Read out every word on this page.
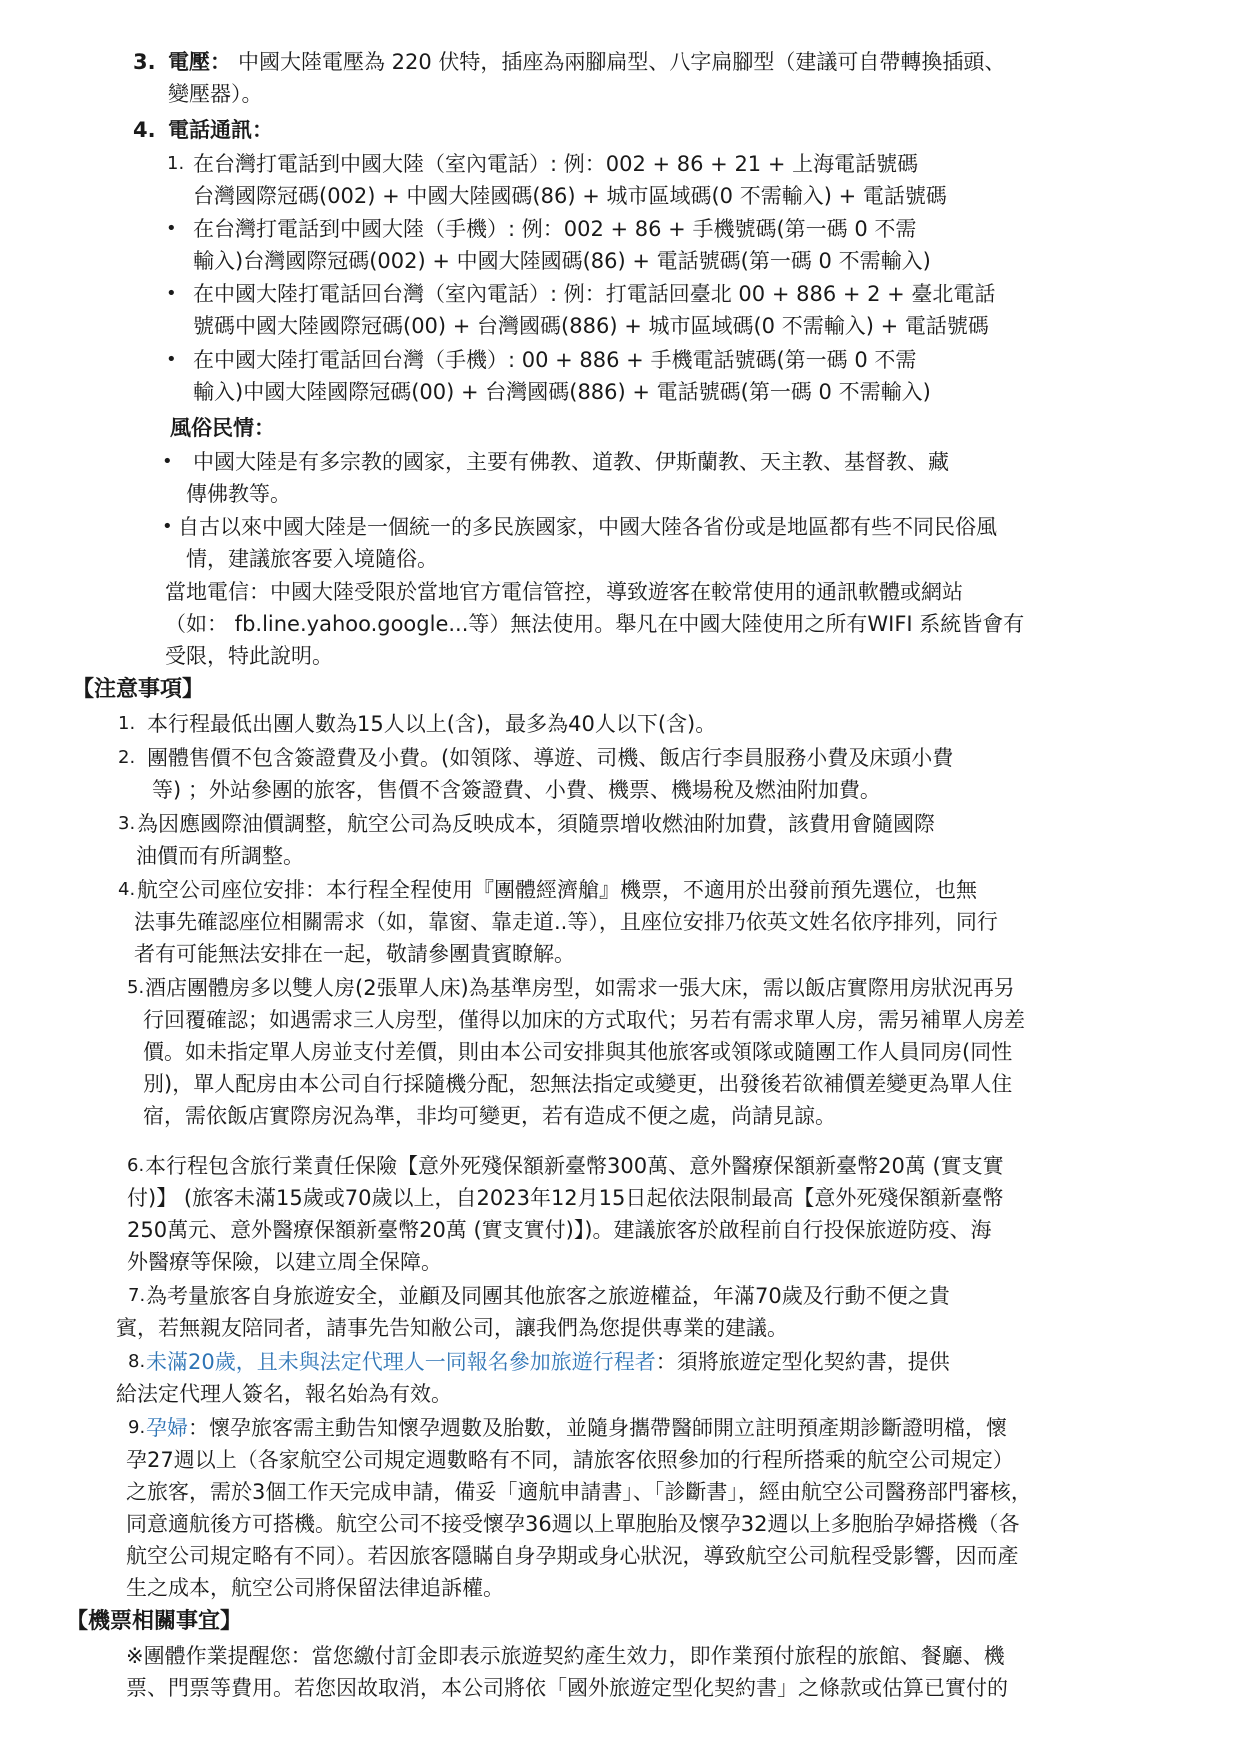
3. 電壓： 中國大陸電壓為 220 伏特，插座為兩腳扁型、八字扁腳型（建議可自帶轉換插頭、
變壓器）。
4. 電話通訊：
1. 在台灣打電話到中國大陸（室內電話）: 例：002 + 86 + 21 + 上海電話號碼
台灣國際冠碼(002) + 中國大陸國碼(86) + 城市區域碼(0 不需輸入) + 電話號碼
• 在台灣打電話到中國大陸（手機）: 例：002 + 86 + 手機號碼(第一碼 0 不需
輸入)台灣國際冠碼(002) + 中國大陸國碼(86) + 電話號碼(第一碼 0 不需輸入)
• 在中國大陸打電話回台灣（室內電話）: 例：打電話回臺北 00 + 886 + 2 + 臺北電話
號碼中國大陸國際冠碼(00) + 台灣國碼(886) + 城市區域碼(0 不需輸入) + 電話號碼
• 在中國大陸打電話回台灣（手機）: 00 + 886 + 手機電話號碼(第一碼 0 不需
輸入)中國大陸國際冠碼(00) + 台灣國碼(886) + 電話號碼(第一碼 0 不需輸入)
風俗民情：
• 中國大陸是有多宗教的國家，主要有佛教、道教、伊斯蘭教、天主教、基督教、藏
傳佛教等。
• 自古以來中國大陸是一個統一的多民族國家，中國大陸各省份或是地區都有些不同民俗風
情，建議旅客要入境隨俗。
當地電信：中國大陸受限於當地官方電信管控，導致遊客在較常使用的通訊軟體或網站
（如： fb.line.yahoo.google...等）無法使用。舉凡在中國大陸使用之所有WIFI 系統皆會有
受限，特此說明。
【注意事項】
1. 本行程最低出團人數為15人以上(含)，最多為40人以下(含)。
2. 團體售價不包含簽證費及小費。(如領隊、導遊、司機、飯店行李員服務小費及床頭小費
等) ；外站參團的旅客，售價不含簽證費、小費、機票、機場稅及燃油附加費。
3. 為因應國際油價調整，航空公司為反映成本，須隨票增收燃油附加費，該費用會隨國際
油價而有所調整。
4. 航空公司座位安排：本行程全程使用『團體經濟艙』機票，不適用於出發前預先選位，也無
法事先確認座位相關需求（如，靠窗、靠走道..等），且座位安排乃依英文姓名依序排列，同行
者有可能無法安排在一起，敬請參團貴賓瞭解。
5. 酒店團體房多以雙人房(2張單人床)為基準房型，如需求一張大床，需以飯店實際用房狀況再另
行回覆確認；如遇需求三人房型，僅得以加床的方式取代；另若有需求單人房，需另補單人房差
價。如未指定單人房並支付差價，則由本公司安排與其他旅客或領隊或隨團工作人員同房(同性
別)，單人配房由本公司自行採隨機分配，恕無法指定或變更，出發後若欲補價差變更為單人住
宿，需依飯店實際房況為準，非均可變更，若有造成不便之處，尚請見諒。
6. 本行程包含旅行業責任保險【意外死殘保額新臺幣300萬、意外醫療保額新臺幣20萬 (實支實
付)】 (旅客未滿15歲或70歲以上，自2023年12月15日起依法限制最高【意外死殘保額新臺幣
250萬元、意外醫療保額新臺幣20萬 (實支實付)】)。建議旅客於啟程前自行投保旅遊防疫、海
外醫療等保險，以建立周全保障。
7. 為考量旅客自身旅遊安全，並顧及同團其他旅客之旅遊權益，年滿70歲及行動不便之貴
賓，若無親友陪同者，請事先告知敝公司，讓我們為您提供專業的建議。
8. 未滿20歲，且未與法定代理人一同報名參加旅遊行程者：須將旅遊定型化契約書，提供
給法定代理人簽名，報名始為有效。
9. 孕婦：懷孕旅客需主動告知懷孕週數及胎數，並隨身攜帶醫師開立註明預產期診斷證明檔，懷
孕27週以上（各家航空公司規定週數略有不同，請旅客依照參加的行程所搭乘的航空公司規定）
之旅客，需於3個工作天完成申請，備妥「適航申請書」、「診斷書」，經由航空公司醫務部門審核，
同意適航後方可搭機。航空公司不接受懷孕36週以上單胞胎及懷孕32週以上多胞胎孕婦搭機（各
航空公司規定略有不同）。若因旅客隱瞞自身孕期或身心狀況，導致航空公司航程受影響，因而產
生之成本，航空公司將保留法律追訴權。
【機票相關事宜】
※團體作業提醒您：當您繳付訂金即表示旅遊契約產生效力，即作業預付旅程的旅館、餐廳、機
票、門票等費用。若您因故取消，本公司將依「國外旅遊定型化契約書」之條款或估算已實付的
